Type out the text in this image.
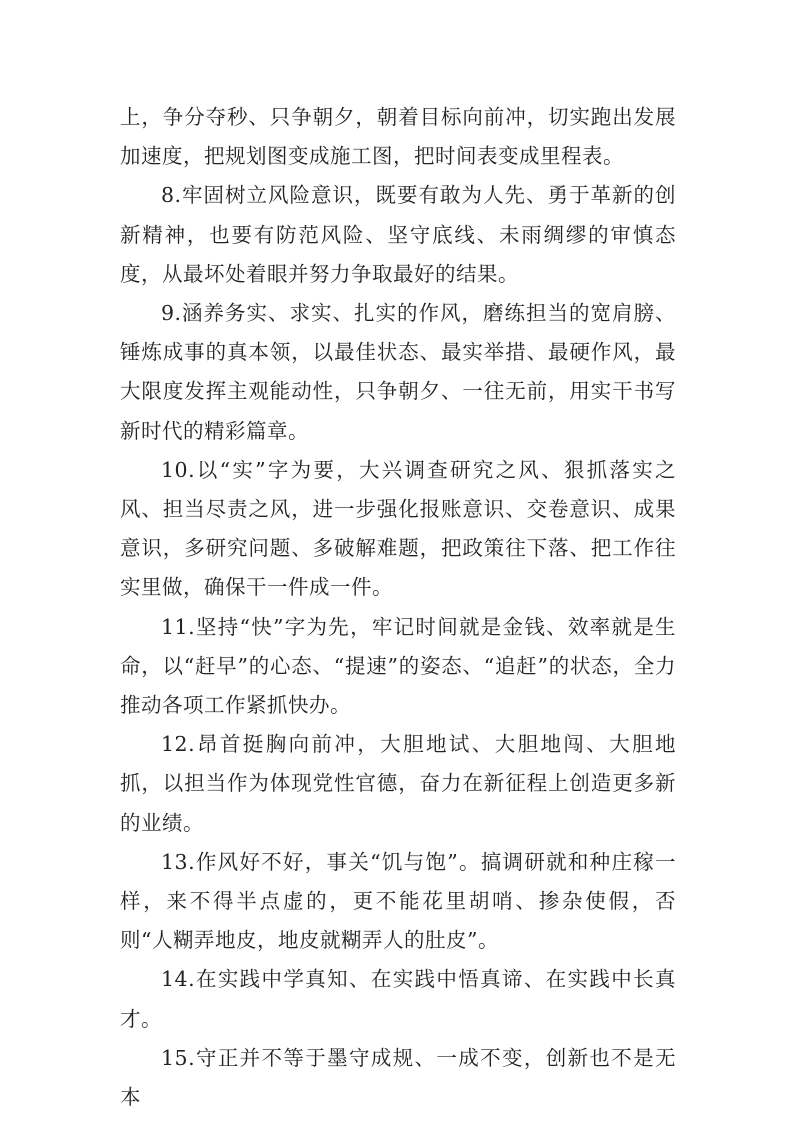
上，争分夺秒、只争朝夕，朝着目标向前冲，切实跑出发展加速度，把规划图变成施工图，把时间表变成里程表。

8.牢固树立风险意识，既要有敢为人先、勇于革新的创新精神，也要有防范风险、坚守底线、未雨绸缪的审慎态度，从最坏处着眼并努力争取最好的结果。

9.涵养务实、求实、扎实的作风，磨练担当的宽肩膀、锤炼成事的真本领，以最佳状态、最实举措、最硬作风，最大限度发挥主观能动性，只争朝夕、一往无前，用实干书写新时代的精彩篇章。

10.以“实”字为要，大兴调查研究之风、狠抓落实之风、担当尽责之风，进一步强化报账意识、交卷意识、成果意识，多研究问题、多破解难题，把政策往下落、把工作往实里做，确保干一件成一件。

11.坚持“快”字为先，牢记时间就是金钱、效率就是生命，以“赶早”的心态、“提速”的姿态、“追赶”的状态，全力推动各项工作紧抓快办。

12.昂首挺胸向前冲，大胆地试、大胆地闯、大胆地抓，以担当作为体现党性官德，奋力在新征程上创造更多新的业绩。

13.作风好不好，事关“饥与饱”。搞调研就和种庄稼一样，来不得半点虚的，更不能花里胡哨、掺杂使假，否则“人糊弄地皮，地皮就糊弄人的肚皮”。

14.在实践中学真知、在实践中悟真谛、在实践中长真才。

15.守正并不等于墨守成规、一成不变，创新也不是无本
